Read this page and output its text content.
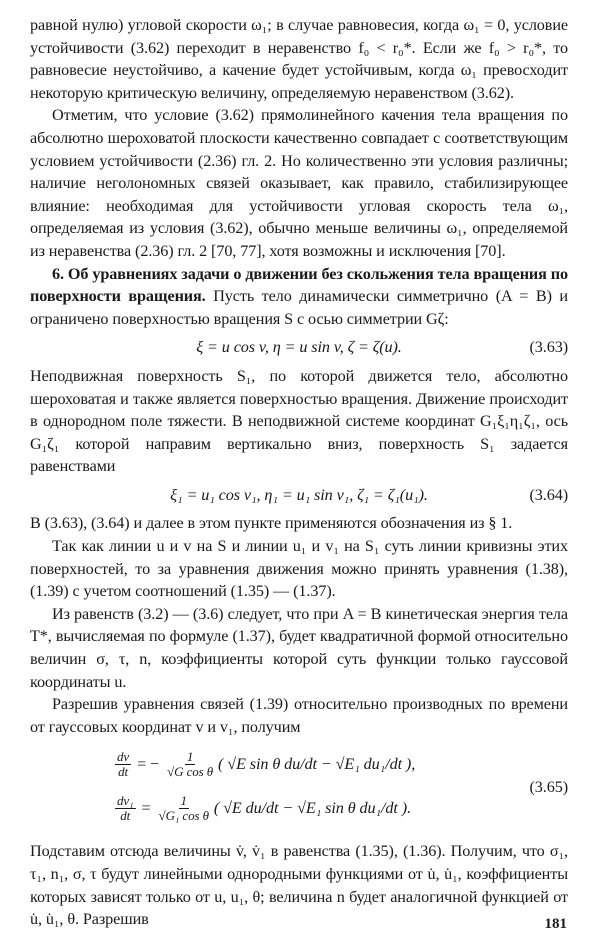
равной нулю) угловой скорости ω₁; в случае равновесия, когда ω₁ = 0, условие устойчивости (3.62) переходит в неравенство f₀ < r₀*. Если же f₀ > r₀*, то равновесие неустойчиво, а качение будет устойчивым, когда ω₁ превосходит некоторую критическую величину, определяемую неравенством (3.62).

Отметим, что условие (3.62) прямолинейного качения тела вращения по абсолютно шероховатой плоскости качественно совпадает с соответствующим условием устойчивости (2.36) гл. 2. Но количественно эти условия различны; наличие неголономных связей оказывает, как правило, стабилизирующее влияние: необходимая для устойчивости угловая скорость тела ω₁, определяемая из условия (3.62), обычно меньше величины ω₁, определяемой из неравенства (2.36) гл. 2 [70, 77], хотя возможны и исключения [70].

6. Об уравнениях задачи о движении без скольжения тела вращения по поверхности вращения. Пусть тело динамически симметрично (A = B) и ограничено поверхностью вращения S с осью симметрии Gζ:

ξ = u cos v, η = u sin v, ζ = ζ(u).	(3.63)

Неподвижная поверхность S₁, по которой движется тело, абсолютно шероховатая и также является поверхностью вращения. Движение происходит в однородном поле тяжести. В неподвижной системе координат G₁ξ₁η₁ζ₁, ось G₁ζ₁ которой направим вертикально вниз, поверхность S₁ задается равенствами

ξ₁ = u₁ cos v₁, η₁ = u₁ sin v₁, ζ₁ = ζ₁(u₁).	(3.64)

В (3.63), (3.64) и далее в этом пункте применяются обозначения из § 1.

Так как линии u и v на S и линии u₁ и v₁ на S₁ суть линии кривизны этих поверхностей, то за уравнения движения можно принять уравнения (1.38), (1.39) с учетом соотношений (1.35) — (1.37).

Из равенств (3.2) — (3.6) следует, что при A = B кинетическая энергия тела T*, вычисляемая по формуле (1.37), будет квадратичной формой относительно величин σ, τ, n, коэффициенты которой суть функции только гауссовой координаты u.

Разрешив уравнения связей (1.39) относительно производных по времени от гауссовых координат v и v₁, получим

$\frac{dv}{dt}$ = − $\frac{1}{\text{√G cos θ}}$ ( √E sin θ du/dt − √E₁ du₁/dt ),
$\frac{\text{dv₁}}{dt} = \frac{1}{\text{√G₁ cos θ}}$ ( √E du/dt − √E₁ sin θ du₁/dt ).
(3.65)

Подставим отсюда величины v̇, v̇₁ в равенства (1.35), (1.36). Получим, что σ₁, τ₁, n₁, σ, τ будут линейными однородными функциями от u̇, u̇₁, коэффициенты которых зависят только от u, u₁, θ; величина n будет аналогичной функцией от u̇, u̇₁, θ. Разрешив	181
